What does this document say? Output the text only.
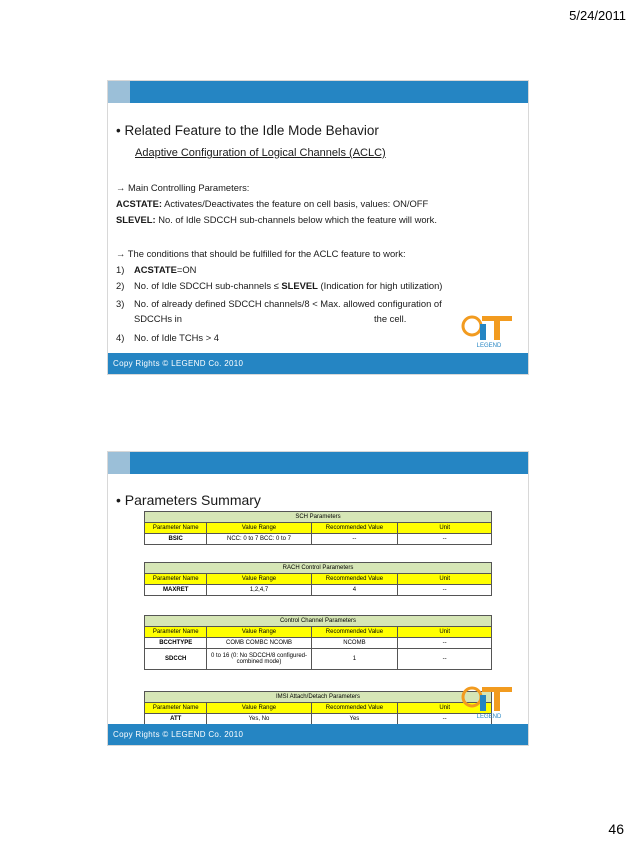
5/24/2011
• Related Feature to the Idle Mode Behavior
Adaptive Configuration of Logical Channels (ACLC)
→ Main Controlling Parameters:
ACSTATE: Activates/Deactivates the feature on cell basis, values: ON/OFF
SLEVEL: No. of Idle SDCCH sub-channels below which the feature will work.
→ The conditions that should be fulfilled for the ACLC feature to work:
1) ACSTATE=ON
2) No. of Idle SDCCH sub-channels ≤ SLEVEL (Indication for high utilization)
3) No. of already defined SDCCH channels/8 < Max. allowed configuration of
SDCCHs in	the cell.
4) No. of Idle TCHs > 4
LEGEND
Copy Rights © LEGEND Co. 2010
• Parameters Summary
SCH Parameters			
Parameter Name	Value Range	Recommended Value	Unit
BSIC	NCC: 0 to 7 BCC: 0 to 7	--	--
RACH Control Parameters			
Parameter Name	Value Range	Recommended Value	Unit
MAXRET	1,2,4,7	4	--
Control Channel Parameters			
Parameter Name	Value Range	Recommended Value	Unit
BCCHTYPE	COMB COMBC NCOMB	NCOMB	--
SDCCH	0 to 16 (0: No SDCCH/8 configured-combined mode)	1	--
IMSI Attach/Detach Parameters			
Parameter Name	Value Range	Recommended Value	Unit
ATT	Yes, No	Yes	--	LEGEND
Copy Rights © LEGEND Co. 2010
46
